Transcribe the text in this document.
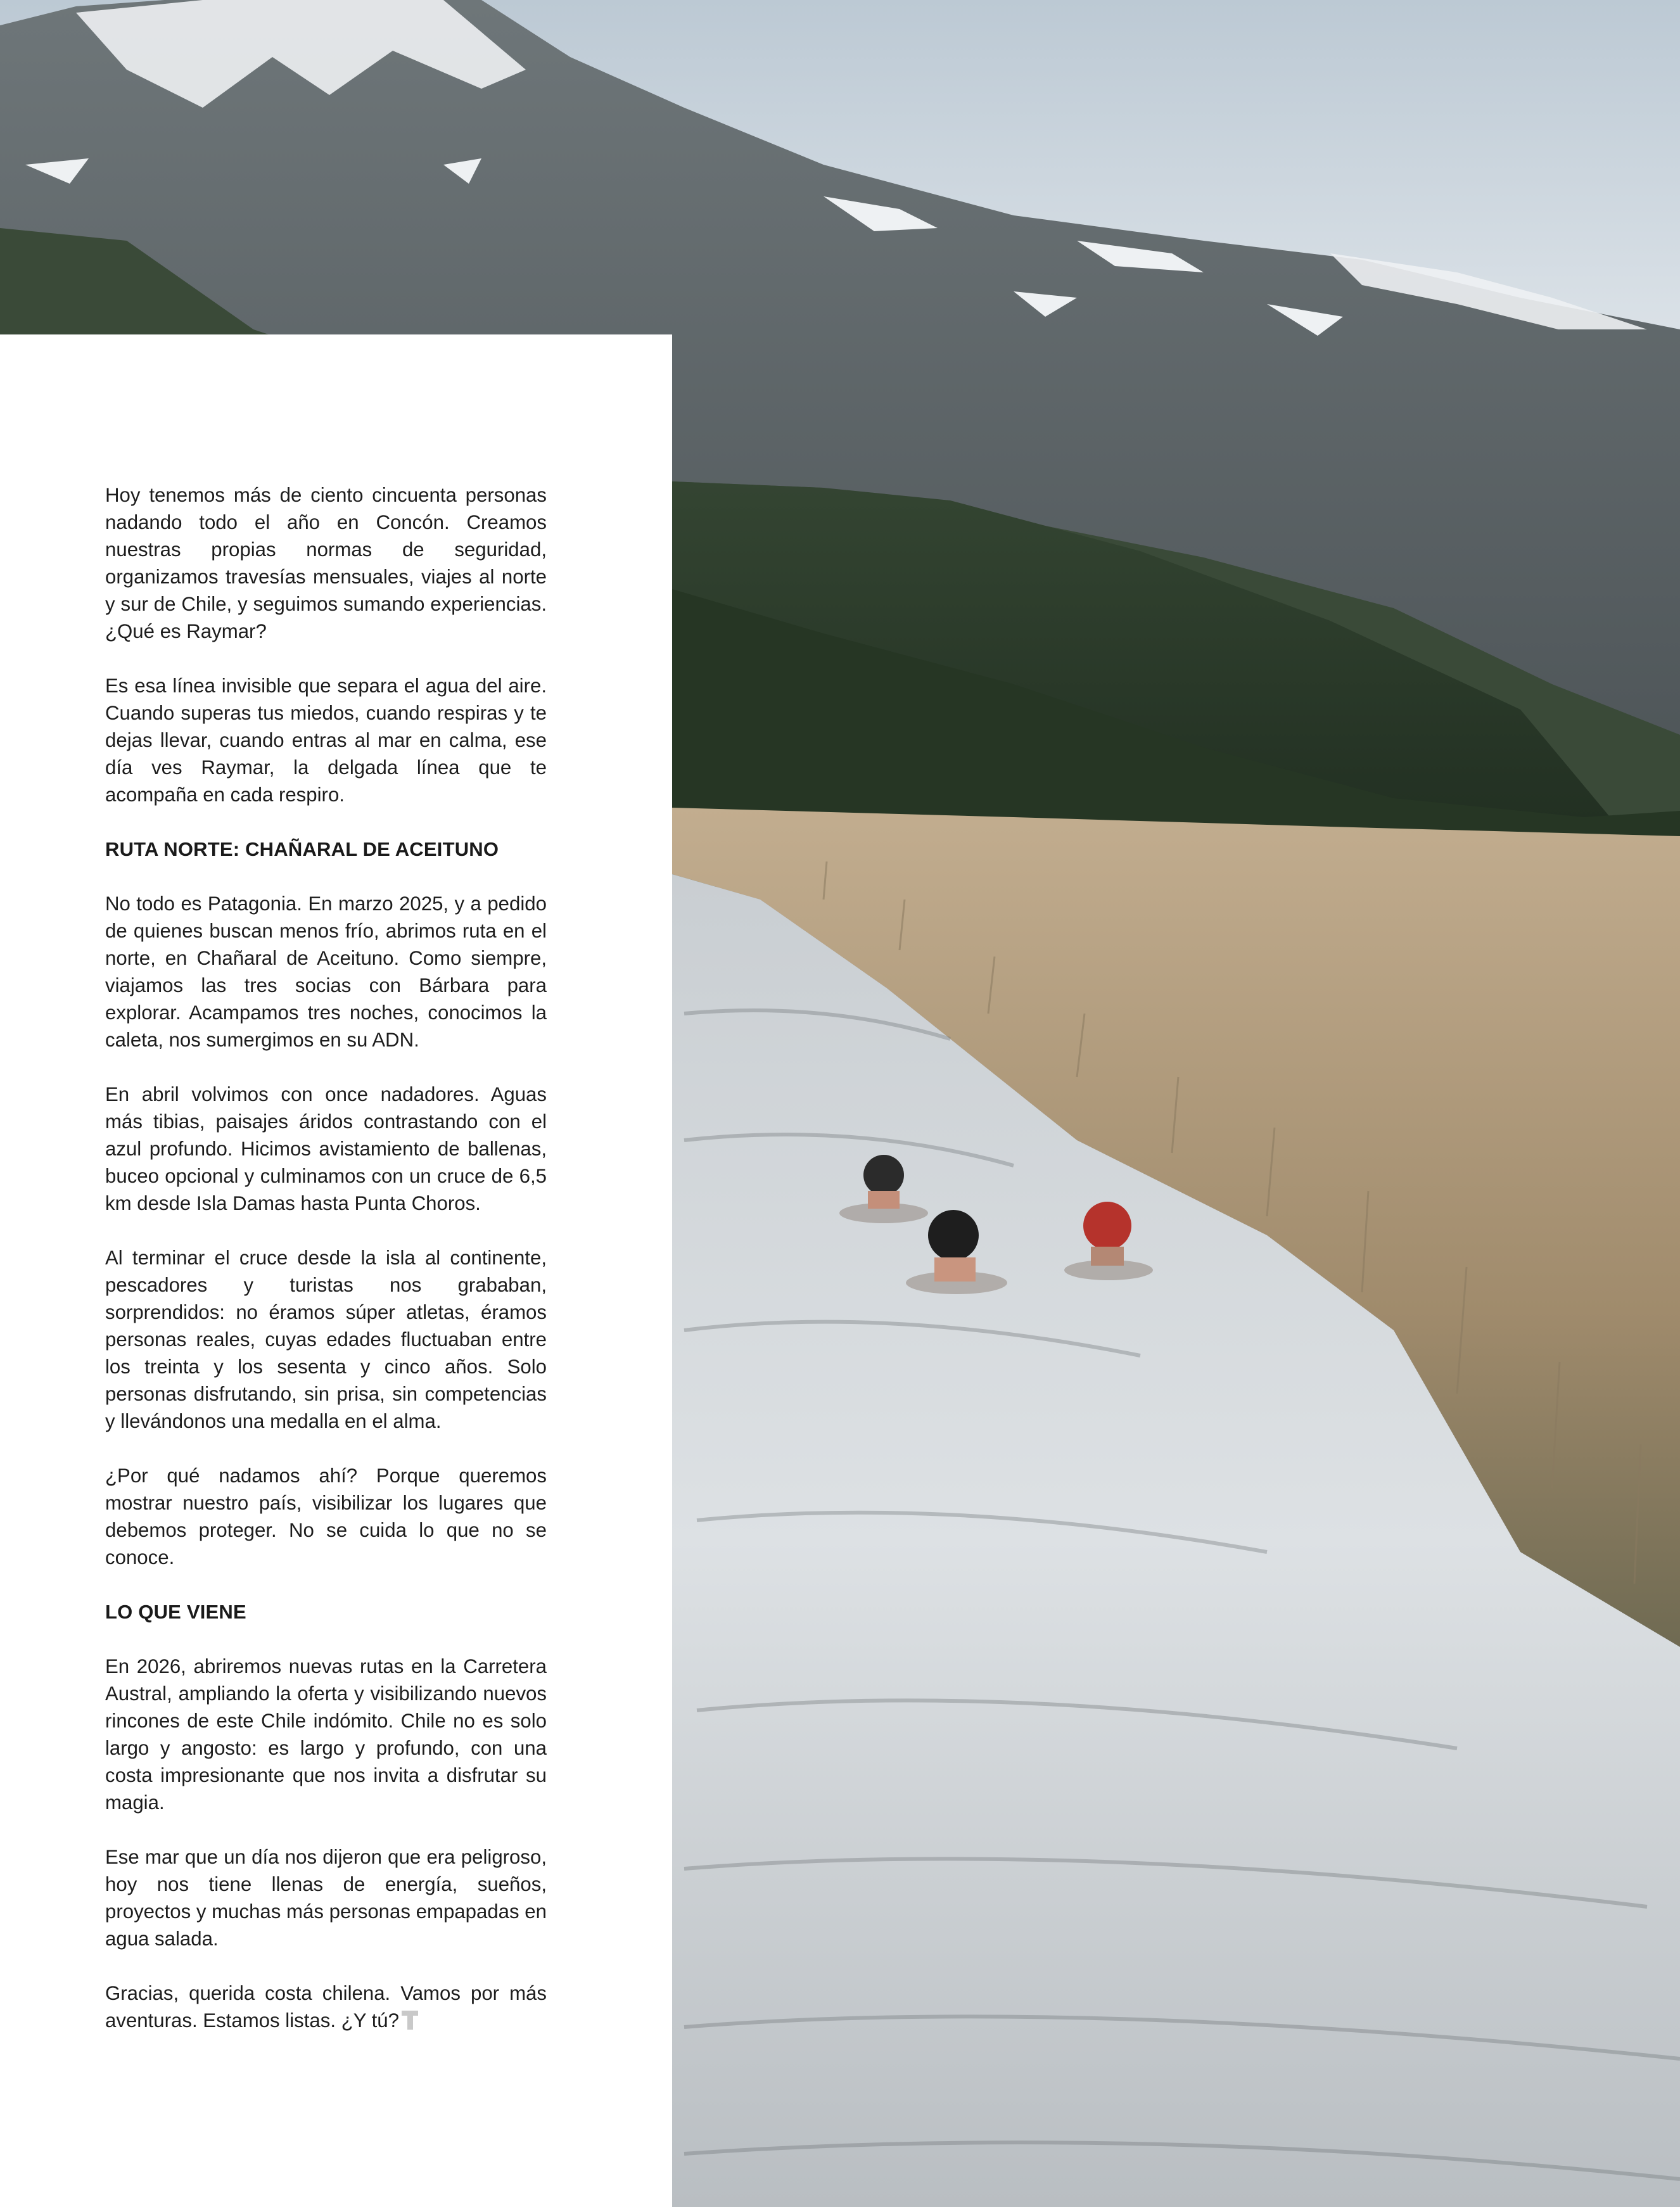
Hoy tenemos más de ciento cincuenta personas nadando todo el año en Concón. Creamos nuestras propias normas de seguridad, organizamos travesías mensuales, viajes al norte y sur de Chile, y seguimos sumando experiencias. ¿Qué es Raymar?

Es esa línea invisible que separa el agua del aire. Cuando superas tus miedos, cuando respiras y te dejas llevar, cuando entras al mar en calma, ese día ves Raymar, la delgada línea que te acompaña en cada respiro.

RUTA NORTE: CHAÑARAL DE ACEITUNO

No todo es Patagonia. En marzo 2025, y a pedido de quienes buscan menos frío, abrimos ruta en el norte, en Chañaral de Aceituno. Como siempre, viajamos las tres socias con Bárbara para explorar. Acampamos tres noches, conocimos la caleta, nos sumergimos en su ADN.

En abril volvimos con once nadadores. Aguas más tibias, paisajes áridos contrastando con el azul profundo. Hicimos avistamiento de ballenas, buceo opcional y culminamos con un cruce de 6,5 km desde Isla Damas hasta Punta Choros.

Al terminar el cruce desde la isla al continente, pescadores y turistas nos grababan, sorprendidos: no éramos súper atletas, éramos personas reales, cuyas edades fluctuaban entre los treinta y los sesenta y cinco años. Solo personas disfrutando, sin prisa, sin competencias y llevándonos una medalla en el alma.

¿Por qué nadamos ahí? Porque queremos mostrar nuestro país, visibilizar los lugares que debemos proteger. No se cuida lo que no se conoce.

LO QUE VIENE

En 2026, abriremos nuevas rutas en la Carretera Austral, ampliando la oferta y visibilizando nuevos rincones de este Chile indómito. Chile no es solo largo y angosto: es largo y profundo, con una costa impresionante que nos invita a disfrutar su magia.

Ese mar que un día nos dijeron que era peligroso, hoy nos tiene llenas de energía, sueños, proyectos y muchas más personas empapadas en agua salada.

Gracias, querida costa chilena. Vamos por más aventuras. Estamos listas. ¿Y tú?
